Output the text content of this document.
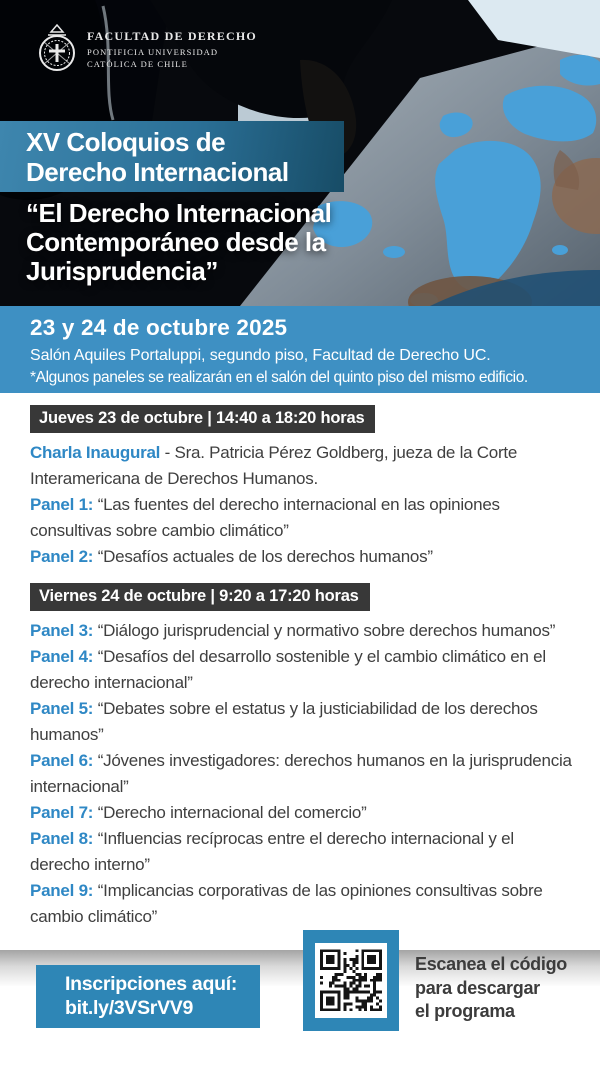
FACULTAD DE DERECHO
PONTIFICIA UNIVERSIDAD
CATÓLICA DE CHILE
XV Coloquios de
Derecho Internacional
“El Derecho Internacional
Contemporáneo desde la
Jurisprudencia”
23 y 24 de octubre 2025
Salón Aquiles Portaluppi, segundo piso, Facultad de Derecho UC.
*Algunos paneles se realizarán en el salón del quinto piso del mismo edificio.
Jueves 23 de octubre | 14:40 a 18:20 horas

Charla Inaugural - Sra. Patricia Pérez Goldberg, jueza de la Corte Interamericana de Derechos Humanos.

Panel 1: “Las fuentes del derecho internacional en las opiniones consultivas sobre cambio climático”

Panel 2: “Desafíos actuales de los derechos humanos”

Viernes 24 de octubre | 9:20 a 17:20 horas

Panel 3: “Diálogo jurisprudencial y normativo sobre derechos humanos”

Panel 4: “Desafíos del desarrollo sostenible y el cambio climático en el derecho internacional”

Panel 5: “Debates sobre el estatus y la justiciabilidad de los derechos humanos”

Panel 6: “Jóvenes investigadores: derechos humanos en la jurisprudencia internacional”

Panel 7: “Derecho internacional del comercio”

Panel 8: “Influencias recíprocas entre el derecho internacional y el derecho interno”

Panel 9: “Implicancias corporativas de las opiniones consultivas sobre cambio climático”

Inscripciones aquí:
bit.ly/3VSrVV9
Escanea el código
para descargar
el programa
